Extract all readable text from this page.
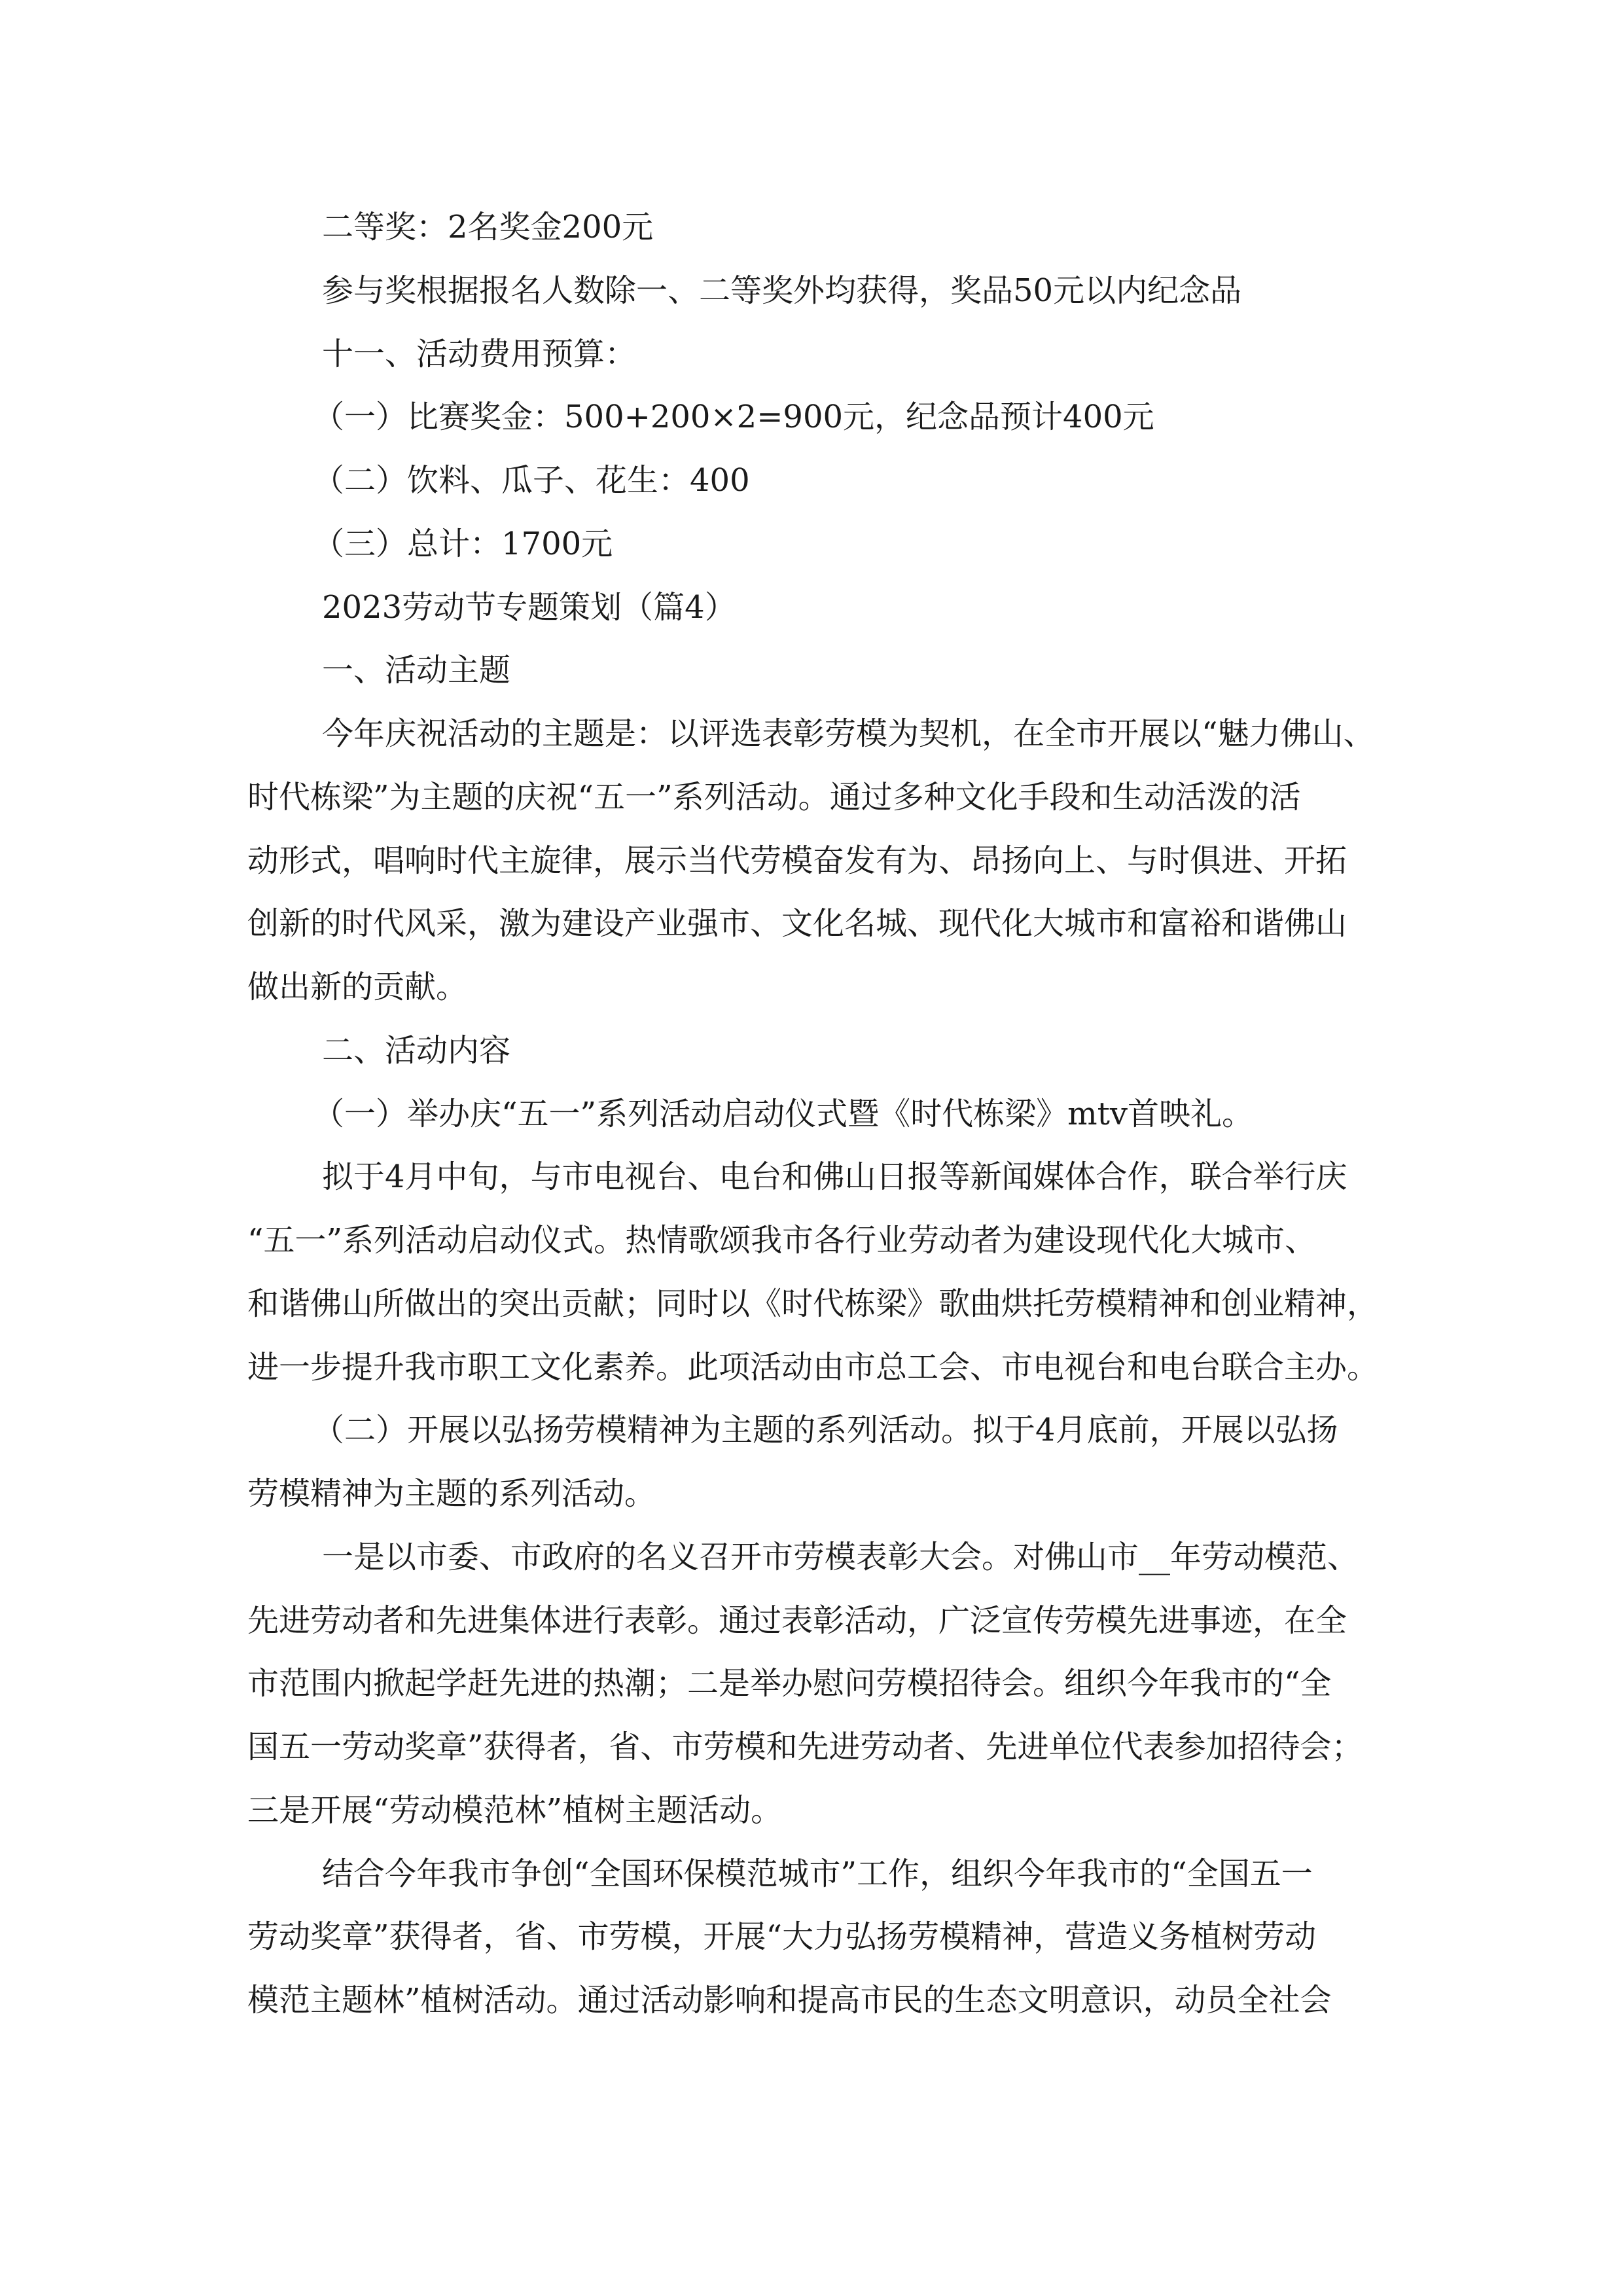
二等奖：2名奖金200元

参与奖根据报名人数除一、二等奖外均获得，奖品50元以内纪念品

十一、活动费用预算：

（一）比赛奖金：500+200×2=900元，纪念品预计400元

（二）饮料、瓜子、花生：400

（三）总计：1700元

2023劳动节专题策划（篇4）

一、活动主题

今年庆祝活动的主题是：以评选表彰劳模为契机，在全市开展以“魅力佛山、

时代栋梁”为主题的庆祝“五一”系列活动。通过多种文化手段和生动活泼的活

动形式，唱响时代主旋律，展示当代劳模奋发有为、昂扬向上、与时俱进、开拓

创新的时代风采，激为建设产业强市、文化名城、现代化大城市和富裕和谐佛山

做出新的贡献。

二、活动内容

（一）举办庆“五一”系列活动启动仪式暨《时代栋梁》mtv首映礼。

拟于4月中旬，与市电视台、电台和佛山日报等新闻媒体合作，联合举行庆

“五一”系列活动启动仪式。热情歌颂我市各行业劳动者为建设现代化大城市、

和谐佛山所做出的突出贡献；同时以《时代栋梁》歌曲烘托劳模精神和创业精神，

进一步提升我市职工文化素养。此项活动由市总工会、市电视台和电台联合主办。

（二）开展以弘扬劳模精神为主题的系列活动。拟于4月底前，开展以弘扬

劳模精神为主题的系列活动。

一是以市委、市政府的名义召开市劳模表彰大会。对佛山市__年劳动模范、

先进劳动者和先进集体进行表彰。通过表彰活动，广泛宣传劳模先进事迹，在全

市范围内掀起学赶先进的热潮；二是举办慰问劳模招待会。组织今年我市的“全

国五一劳动奖章”获得者，省、市劳模和先进劳动者、先进单位代表参加招待会；

三是开展“劳动模范林”植树主题活动。

结合今年我市争创“全国环保模范城市”工作，组织今年我市的“全国五一

劳动奖章”获得者，省、市劳模，开展“大力弘扬劳模精神，营造义务植树劳动

模范主题林”植树活动。通过活动影响和提高市民的生态文明意识，动员全社会
